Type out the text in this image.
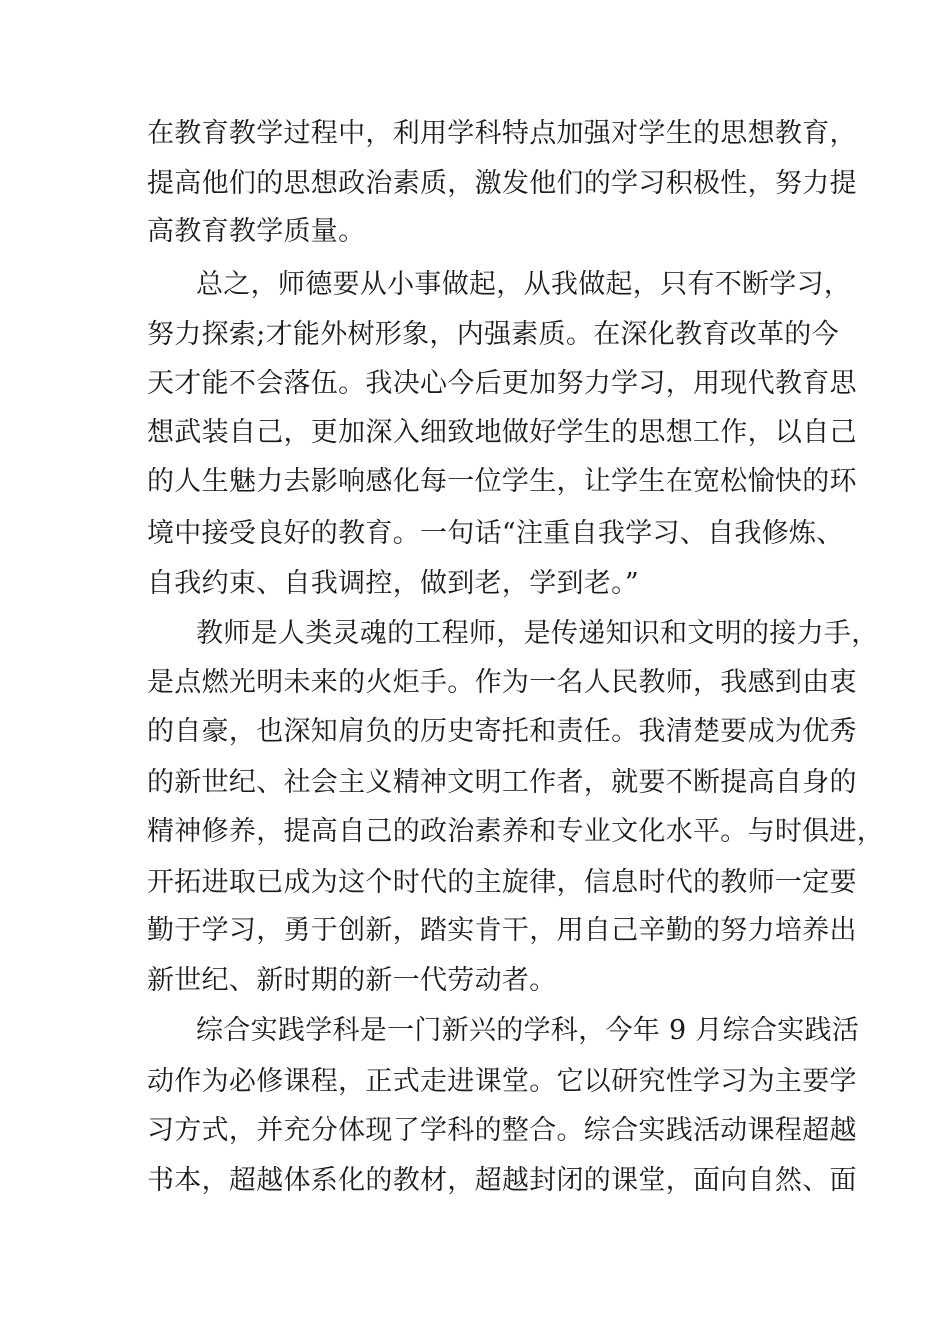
在教育教学过程中，利用学科特点加强对学生的思想教育，
提高他们的思想政治素质，激发他们的学习积极性，努力提
高教育教学质量。
总之，师德要从小事做起，从我做起，只有不断学习，
努力探索;才能外树形象，内强素质。在深化教育改革的今
天才能不会落伍。我决心今后更加努力学习，用现代教育思
想武装自己，更加深入细致地做好学生的思想工作，以自己
的人生魅力去影响感化每一位学生，让学生在宽松愉快的环
境中接受良好的教育。一句话“注重自我学习、自我修炼、
自我约束、自我调控，做到老，学到老。”
教师是人类灵魂的工程师，是传递知识和文明的接力手，
是点燃光明未来的火炬手。作为一名人民教师，我感到由衷
的自豪，也深知肩负的历史寄托和责任。我清楚要成为优秀
的新世纪、社会主义精神文明工作者，就要不断提高自身的
精神修养，提高自己的政治素养和专业文化水平。与时俱进，
开拓进取已成为这个时代的主旋律，信息时代的教师一定要
勤于学习，勇于创新，踏实肯干，用自己辛勤的努力培养出
新世纪、新时期的新一代劳动者。
综合实践学科是一门新兴的学科，今年 9 月综合实践活
动作为必修课程，正式走进课堂。它以研究性学习为主要学
习方式，并充分体现了学科的整合。综合实践活动课程超越
书本，超越体系化的教材，超越封闭的课堂，面向自然、面
